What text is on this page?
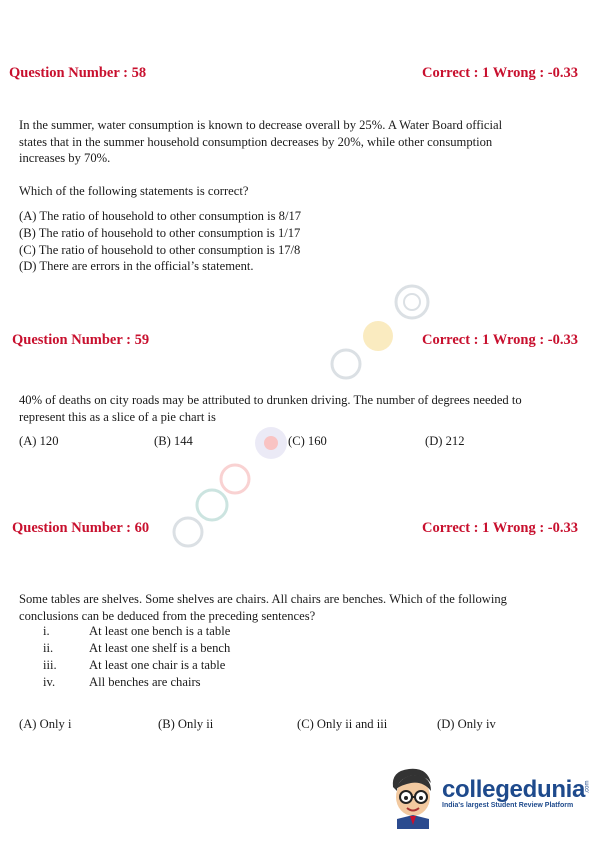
Question Number : 58	Correct : 1 Wrong : -0.33
In the summer, water consumption is known to decrease overall by 25%. A Water Board official
states that in the summer household consumption decreases by 20%, while other consumption
increases by 70%.
Which of the following statements is correct?
(A) The ratio of household to other consumption is 8/17
(B) The ratio of household to other consumption is 1/17
(C) The ratio of household to other consumption is 17/8
(D) There are errors in the official’s statement.
Question Number : 59	Correct : 1 Wrong : -0.33
40% of deaths on city roads may be attributed to drunken driving. The number of degrees needed to
represent this as a slice of a pie chart is
(A) 120	(B) 144	(C) 160	(D) 212
Question Number : 60	Correct : 1 Wrong : -0.33
Some tables are shelves. Some shelves are chairs. All chairs are benches. Which of the following
conclusions can be deduced from the preceding sentences?
i.	At least one bench is a table
ii.	At least one shelf is a bench
iii.	At least one chair is a table
iv.	All benches are chairs
(A) Only i	(B) Only ii	(C) Only ii and iii	(D) Only iv
collegedunia
India's largest Student Review Platform
.com
